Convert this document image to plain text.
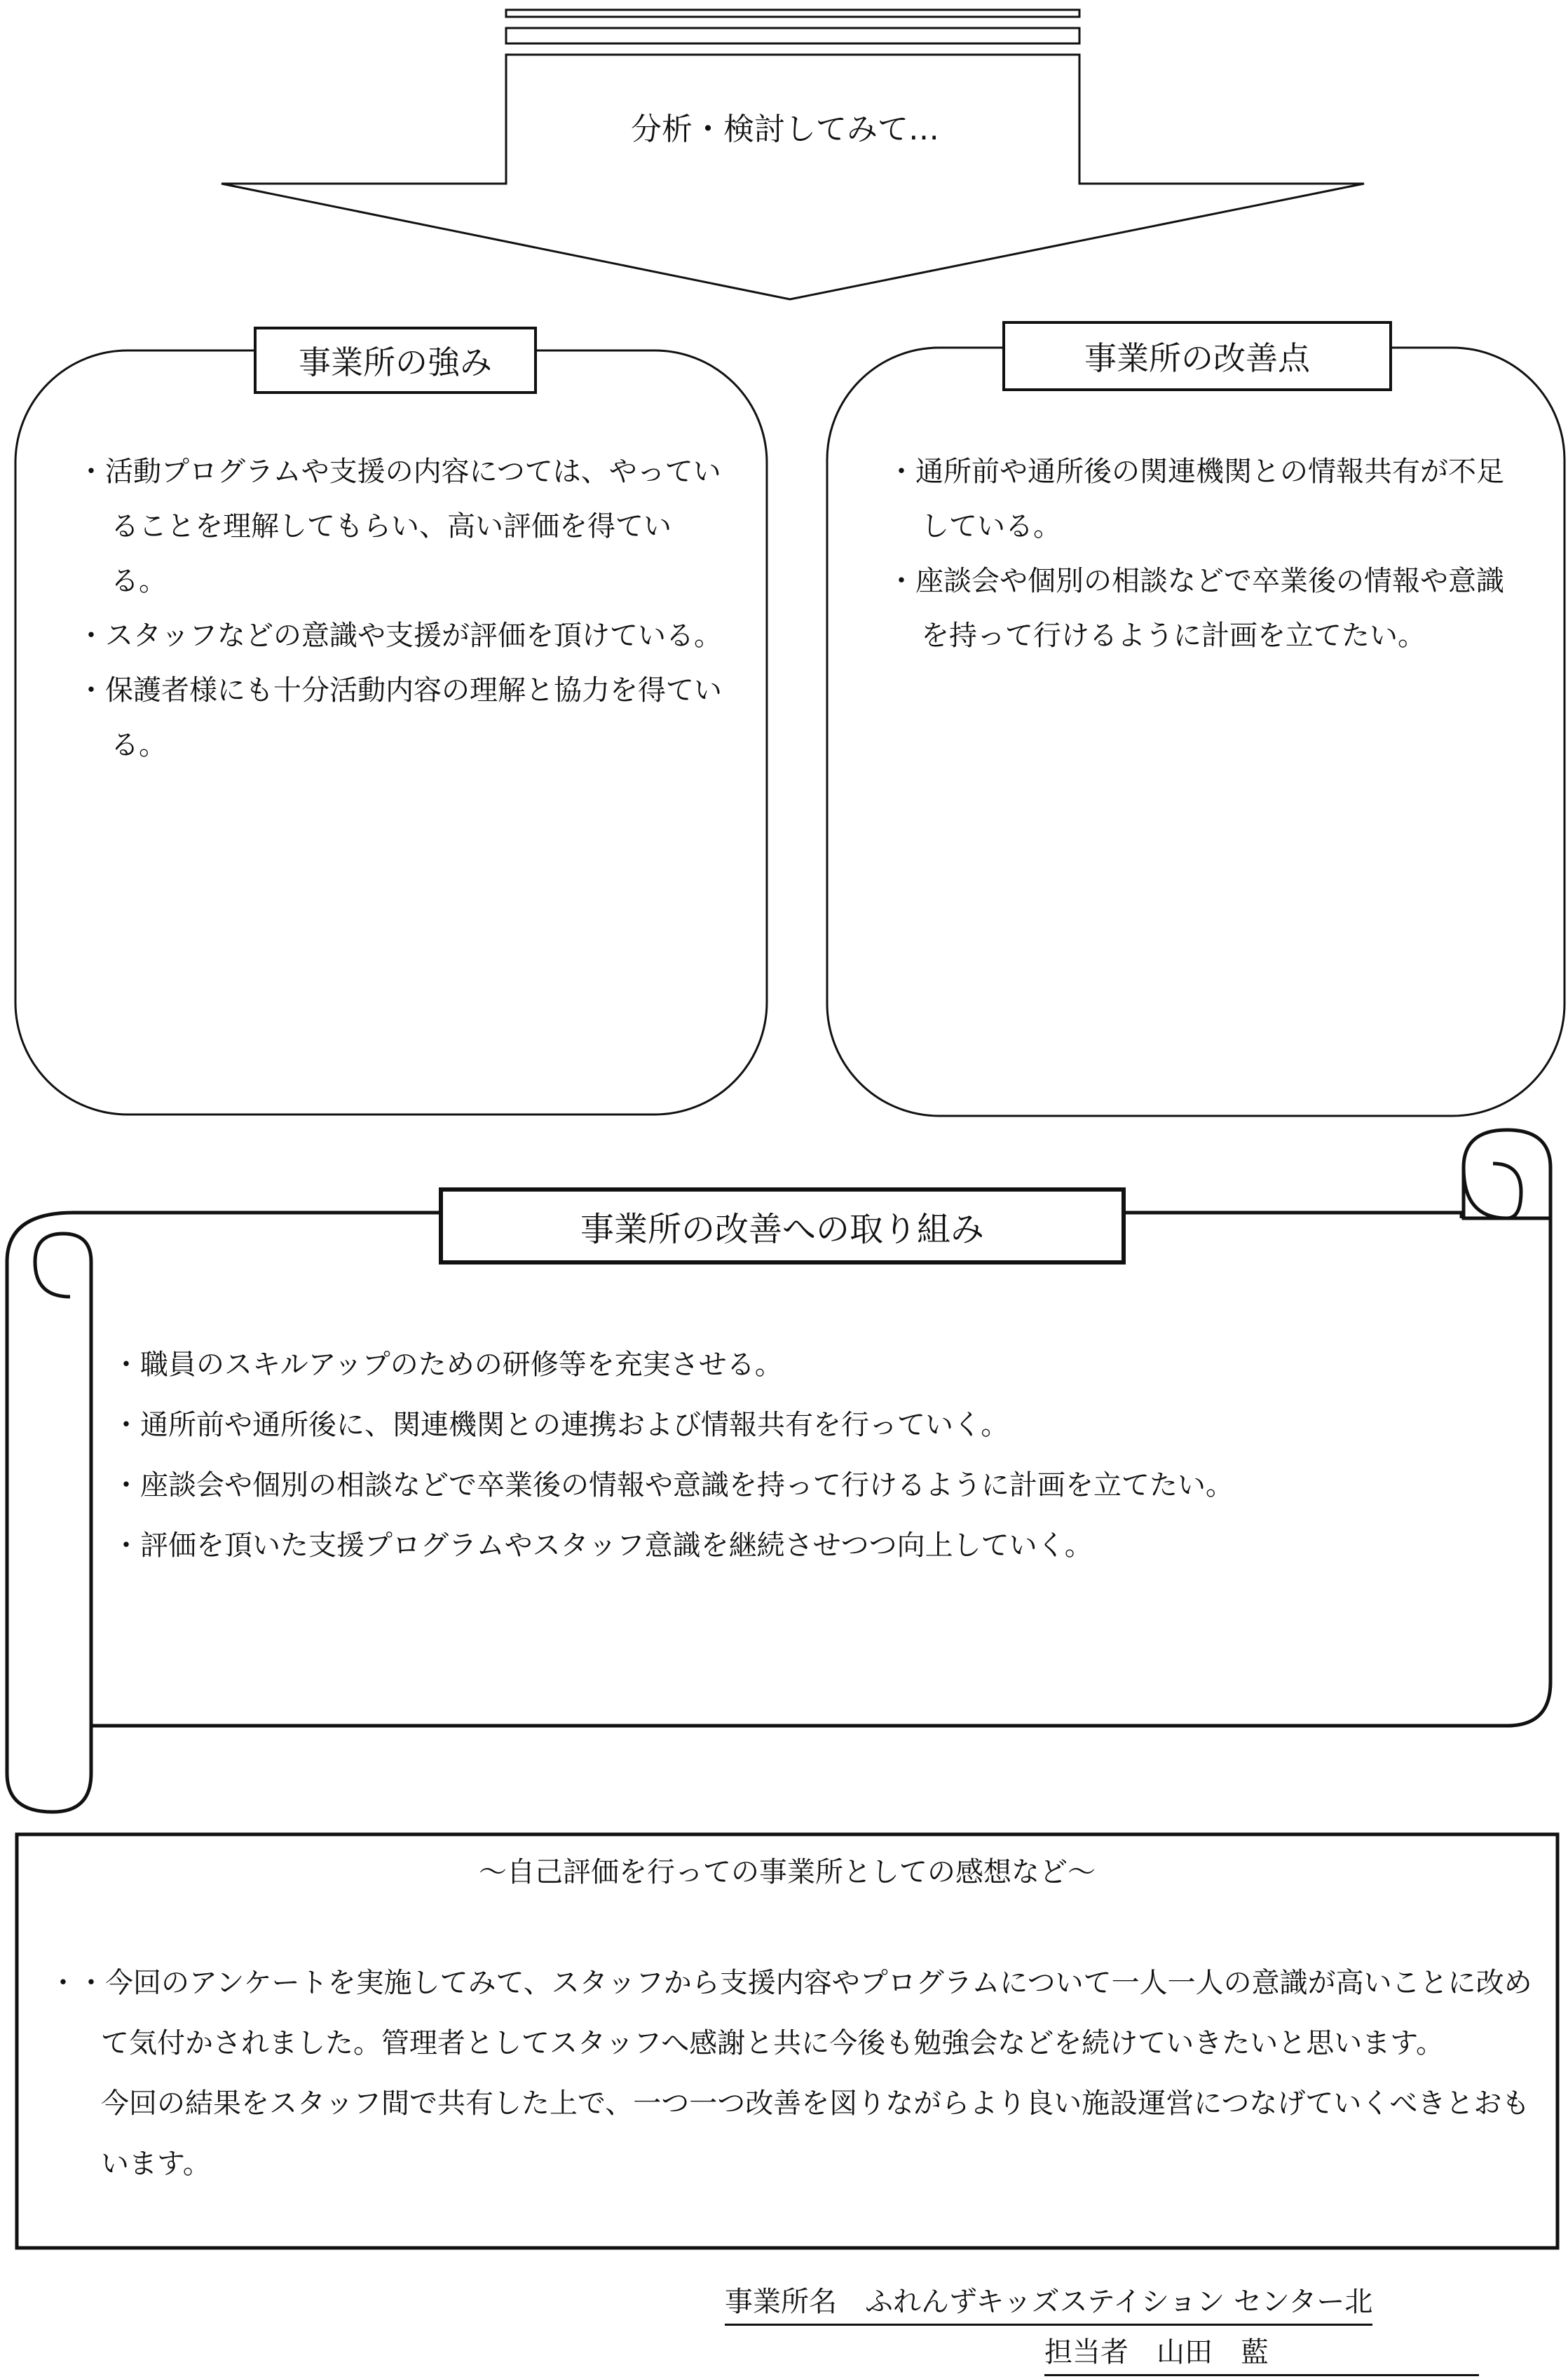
分析・検討してみて…
事業所の強み

・活動プログラムや支援の内容につては、やっていることを理解してもらい、高い評価を得ている。

・スタッフなどの意識や支援が評価を頂けている。

・保護者様にも十分活動内容の理解と協力を得ている。

事業所の改善点

・通所前や通所後の関連機関との情報共有が不足している。

・座談会や個別の相談などで卒業後の情報や意識を持って行けるように計画を立てたい。

事業所の改善への取り組み

・職員のスキルアップのための研修等を充実させる。

・通所前や通所後に、関連機関との連携および情報共有を行っていく。

・座談会や個別の相談などで卒業後の情報や意識を持って行けるように計画を立てたい。

・評価を頂いた支援プログラムやスタッフ意識を継続させつつ向上していく。

～自己評価を行っての事業所としての感想など～

・・今回のアンケートを実施してみて、スタッフから支援内容やプログラムについて一人一人の意識が高いことに改めて気付かされました。管理者としてスタッフへ感謝と共に今後も勉強会などを続けていきたいと思います。

今回の結果をスタッフ間で共有した上で、一つ一つ改善を図りながらより良い施設運営につなげていくべきとおもいます。

事業所名　ふれんずキッズステイション センター北
担当者　山田　藍
